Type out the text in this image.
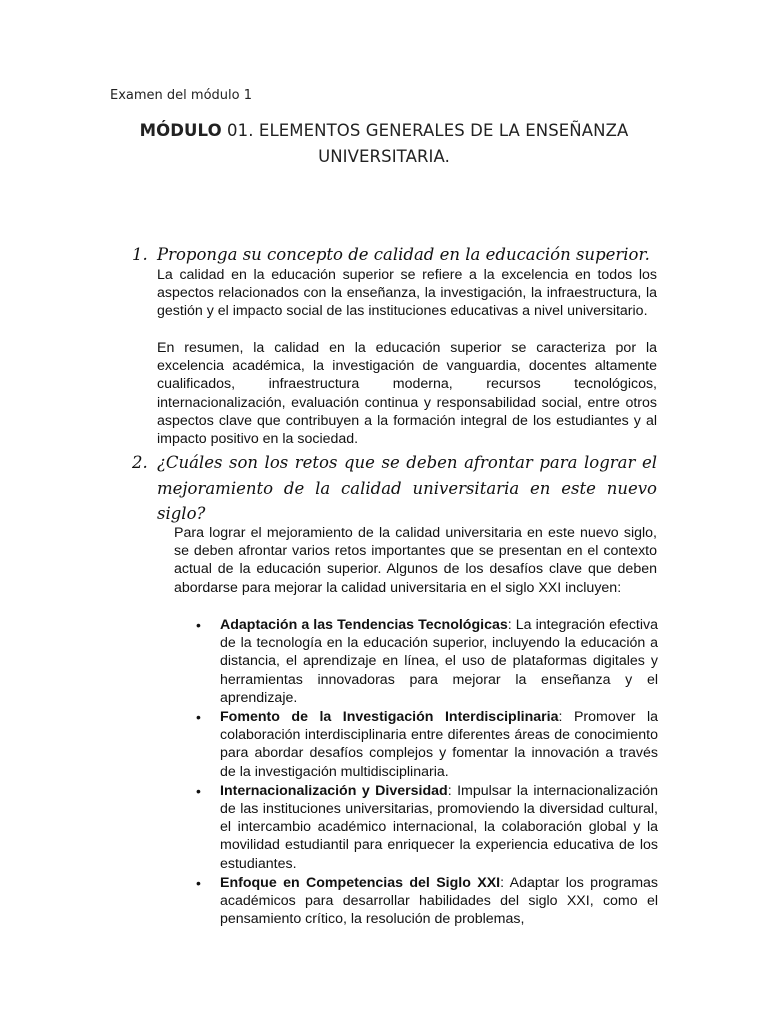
Examen del módulo 1
MÓDULO 01. ELEMENTOS GENERALES DE LA ENSEÑANZA
UNIVERSITARIA.
1. Proponga su concepto de calidad en la educación superior.
La calidad en la educación superior se refiere a la excelencia en todos los aspectos relacionados con la enseñanza, la investigación, la infraestructura, la gestión y el impacto social de las instituciones educativas a nivel universitario.
En resumen, la calidad en la educación superior se caracteriza por la excelencia académica, la investigación de vanguardia, docentes altamente cualificados, infraestructura moderna, recursos tecnológicos, internacionalización, evaluación continua y responsabilidad social, entre otros aspectos clave que contribuyen a la formación integral de los estudiantes y al impacto positivo en la sociedad.
2. ¿Cuáles son los retos que se deben afrontar para lograr el mejoramiento de la calidad universitaria en este nuevo siglo?
Para lograr el mejoramiento de la calidad universitaria en este nuevo siglo, se deben afrontar varios retos importantes que se presentan en el contexto actual de la educación superior. Algunos de los desafíos clave que deben abordarse para mejorar la calidad universitaria en el siglo XXI incluyen:
•	Adaptación a las Tendencias Tecnológicas: La integración efectiva de la tecnología en la educación superior, incluyendo la educación a distancia, el aprendizaje en línea, el uso de plataformas digitales y herramientas innovadoras para mejorar la enseñanza y el aprendizaje.
•	Fomento de la Investigación Interdisciplinaria: Promover la colaboración interdisciplinaria entre diferentes áreas de conocimiento para abordar desafíos complejos y fomentar la innovación a través de la investigación multidisciplinaria.
•	Internacionalización y Diversidad: Impulsar la internacionalización de las instituciones universitarias, promoviendo la diversidad cultural, el intercambio académico internacional, la colaboración global y la movilidad estudiantil para enriquecer la experiencia educativa de los estudiantes.
•	Enfoque en Competencias del Siglo XXI: Adaptar los programas académicos para desarrollar habilidades del siglo XXI, como el pensamiento crítico, la resolución de problemas,
